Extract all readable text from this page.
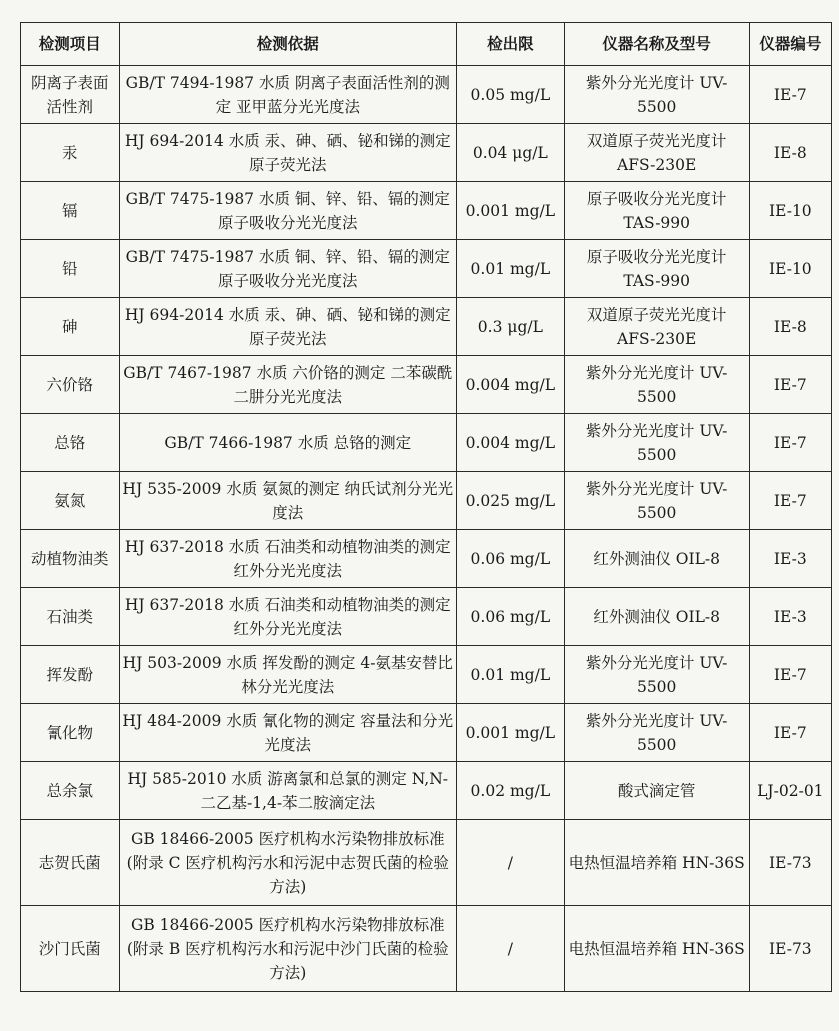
检测项目	检测依据	检出限	仪器名称及型号	仪器编号
阴离子表面活性剂	GB/T 7494-1987 水质 阴离子表面活性剂的测定 亚甲蓝分光光度法	0.05 mg/L	紫外分光光度计 UV-5500	IE-7
汞	HJ 694-2014 水质 汞、砷、硒、铋和锑的测定 原子荧光法	0.04 μg/L	双道原子荧光光度计 AFS-230E	IE-8
镉	GB/T 7475-1987 水质 铜、锌、铅、镉的测定 原子吸收分光光度法	0.001 mg/L	原子吸收分光光度计 TAS-990	IE-10
铅	GB/T 7475-1987 水质 铜、锌、铅、镉的测定 原子吸收分光光度法	0.01 mg/L	原子吸收分光光度计 TAS-990	IE-10
砷	HJ 694-2014 水质 汞、砷、硒、铋和锑的测定 原子荧光法	0.3 μg/L	双道原子荧光光度计 AFS-230E	IE-8
六价铬	GB/T 7467-1987 水质 六价铬的测定 二苯碳酰二肼分光光度法	0.004 mg/L	紫外分光光度计 UV-5500	IE-7
总铬	GB/T 7466-1987 水质 总铬的测定	0.004 mg/L	紫外分光光度计 UV-5500	IE-7
氨氮	HJ 535-2009 水质 氨氮的测定 纳氏试剂分光光度法	0.025 mg/L	紫外分光光度计 UV-5500	IE-7
动植物油类	HJ 637-2018 水质 石油类和动植物油类的测定 红外分光光度法	0.06 mg/L	红外测油仪 OIL-8	IE-3
石油类	HJ 637-2018 水质 石油类和动植物油类的测定 红外分光光度法	0.06 mg/L	红外测油仪 OIL-8	IE-3
挥发酚	HJ 503-2009 水质 挥发酚的测定 4-氨基安替比林分光光度法	0.01 mg/L	紫外分光光度计 UV-5500	IE-7
氰化物	HJ 484-2009 水质 氰化物的测定 容量法和分光光度法	0.001 mg/L	紫外分光光度计 UV-5500	IE-7
总余氯	HJ 585-2010 水质 游离氯和总氯的测定 N,N-二乙基-1,4-苯二胺滴定法	0.02 mg/L	酸式滴定管	LJ-02-01
志贺氏菌	GB 18466-2005 医疗机构水污染物排放标准 (附录 C 医疗机构污水和污泥中志贺氏菌的检验方法)	/	电热恒温培养箱 HN-36S	IE-73
沙门氏菌	GB 18466-2005 医疗机构水污染物排放标准 (附录 B 医疗机构污水和污泥中沙门氏菌的检验方法)	/	电热恒温培养箱 HN-36S	IE-73
